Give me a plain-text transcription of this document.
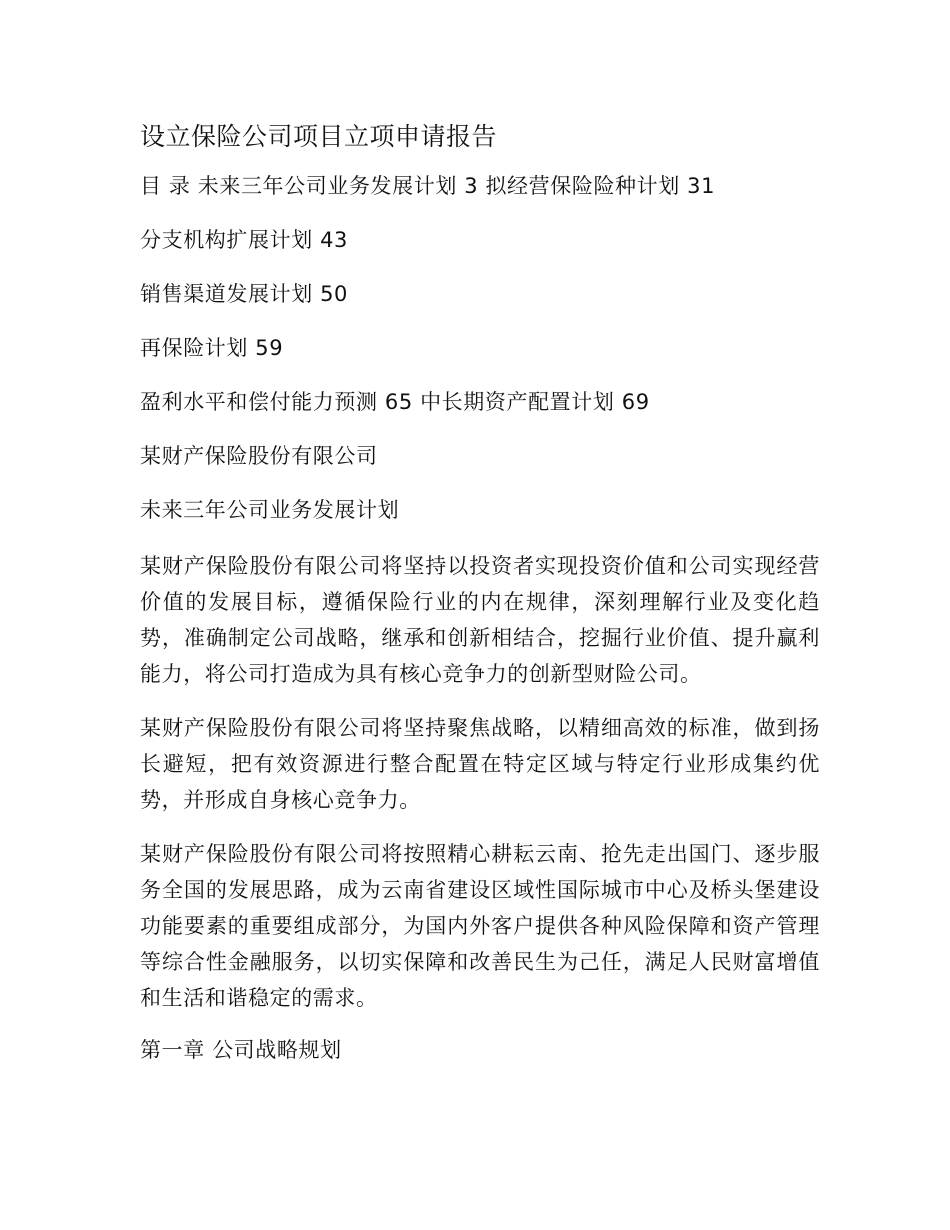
设立保险公司项目立项申请报告

目 录 未来三年公司业务发展计划 3 拟经营保险险种计划 31

分支机构扩展计划 43

销售渠道发展计划 50

再保险计划 59

盈利水平和偿付能力预测 65 中长期资产配置计划 69

某财产保险股份有限公司

未来三年公司业务发展计划

某财产保险股份有限公司将坚持以投资者实现投资价值和公司实现经营价值的发展目标，遵循保险行业的内在规律，深刻理解行业及变化趋势，准确制定公司战略，继承和创新相结合，挖掘行业价值、提升赢利能力，将公司打造成为具有核心竞争力的创新型财险公司。

某财产保险股份有限公司将坚持聚焦战略，以精细高效的标准，做到扬长避短，把有效资源进行整合配置在特定区域与特定行业形成集约优势，并形成自身核心竞争力。

某财产保险股份有限公司将按照精心耕耘云南、抢先走出国门、逐步服务全国的发展思路，成为云南省建设区域性国际城市中心及桥头堡建设功能要素的重要组成部分，为国内外客户提供各种风险保障和资产管理等综合性金融服务，以切实保障和改善民生为己任，满足人民财富增值和生活和谐稳定的需求。

第一章 公司战略规划
